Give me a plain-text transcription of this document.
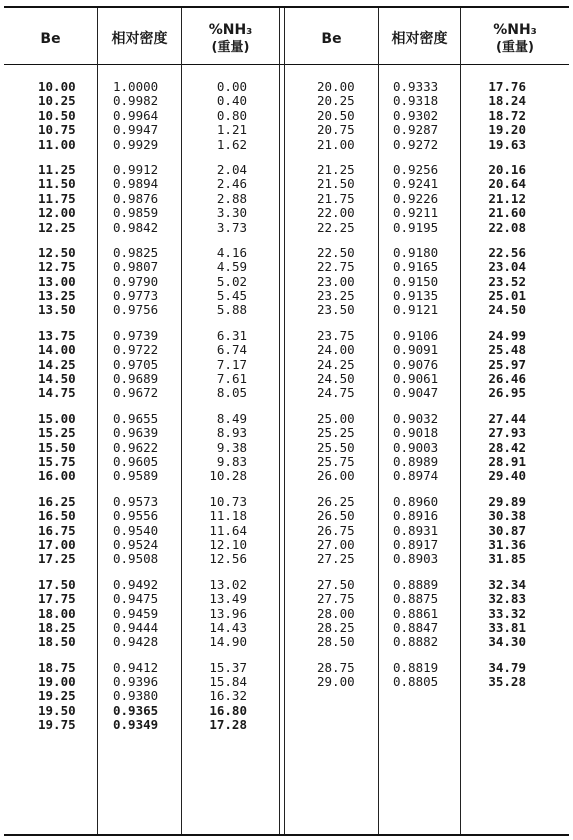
Be	相对密度
%NH₃
(重量)
Be	相对密度
%NH₃
(重量)
10.00
10.25
10.50
10.75
11.00
11.25
11.50
11.75
12.00
12.25
12.50
12.75
13.00
13.25
13.50
13.75
14.00
14.25
14.50
14.75
15.00
15.25
15.50
15.75
16.00
16.25
16.50
16.75
17.00
17.25
17.50
17.75
18.00
18.25
18.50
18.75
19.00
19.25
19.50
19.75
1.0000
0.9982
0.9964
0.9947
0.9929
0.9912
0.9894
0.9876
0.9859
0.9842
0.9825
0.9807
0.9790
0.9773
0.9756
0.9739
0.9722
0.9705
0.9689
0.9672
0.9655
0.9639
0.9622
0.9605
0.9589
0.9573
0.9556
0.9540
0.9524
0.9508
0.9492
0.9475
0.9459
0.9444
0.9428
0.9412
0.9396
0.9380
0.9365
0.9349
0.00
0.40
0.80
1.21
1.62
2.04
2.46
2.88
3.30
3.73
4.16
4.59
5.02
5.45
5.88
6.31
6.74
7.17
7.61
8.05
8.49
8.93
9.38
9.83
10.28
10.73
11.18
11.64
12.10
12.56
13.02
13.49
13.96
14.43
14.90
15.37
15.84
16.32
16.80
17.28
20.00
20.25
20.50
20.75
21.00
21.25
21.50
21.75
22.00
22.25
22.50
22.75
23.00
23.25
23.50
23.75
24.00
24.25
24.50
24.75
25.00
25.25
25.50
25.75
26.00
26.25
26.50
26.75
27.00
27.25
27.50
27.75
28.00
28.25
28.50
28.75
29.00
0.9333
0.9318
0.9302
0.9287
0.9272
0.9256
0.9241
0.9226
0.9211
0.9195
0.9180
0.9165
0.9150
0.9135
0.9121
0.9106
0.9091
0.9076
0.9061
0.9047
0.9032
0.9018
0.9003
0.8989
0.8974
0.8960
0.8916
0.8931
0.8917
0.8903
0.8889
0.8875
0.8861
0.8847
0.8882
0.8819
0.8805
17.76
18.24
18.72
19.20
19.63
20.16
20.64
21.12
21.60
22.08
22.56
23.04
23.52
25.01
24.50
24.99
25.48
25.97
26.46
26.95
27.44
27.93
28.42
28.91
29.40
29.89
30.38
30.87
31.36
31.85
32.34
32.83
33.32
33.81
34.30
34.79
35.28
